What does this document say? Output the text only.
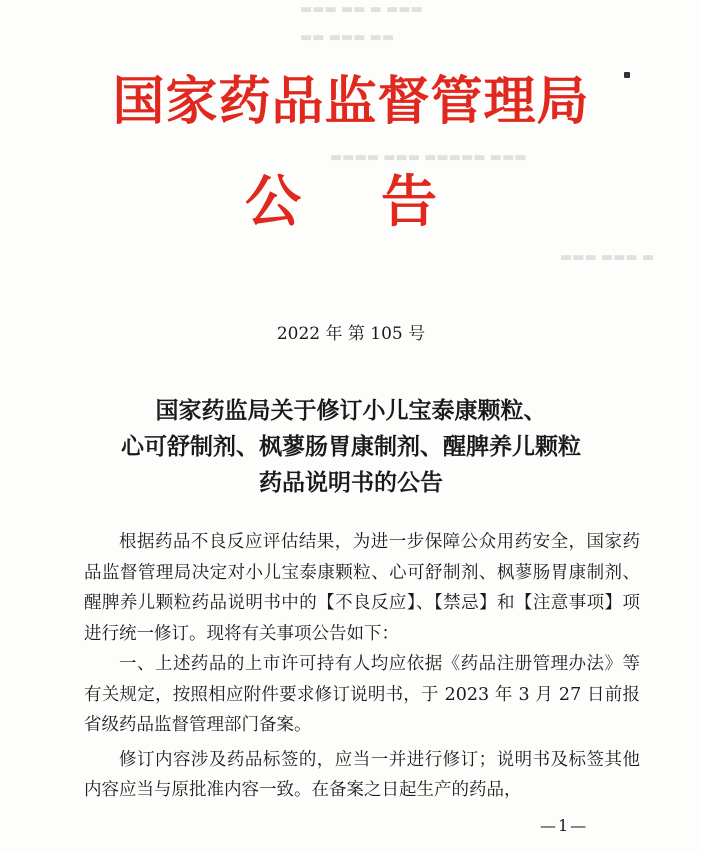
▬▬▬ ▬▬ ▬ ▬▬▬
▬▬ ▬▬▬ ▬▬
▬▬▬▬ ▬▬▬ ▬▬▬▬▬ ▬▬▬
▬▬▬ ▬▬▬ ▬
国家药品监督管理局
公告
2022 年 第 105 号
国家药监局关于修订小儿宝泰康颗粒、
心可舒制剂、枫蓼肠胃康制剂、醒脾养儿颗粒
药品说明书的公告

根据药品不良反应评估结果，为进一步保障公众用药安全，国家药品监督管理局决定对小儿宝泰康颗粒、心可舒制剂、枫蓼肠胃康制剂、醒脾养儿颗粒药品说明书中的【不良反应】、【禁忌】和【注意事项】项进行统一修订。现将有关事项公告如下：

一、上述药品的上市许可持有人均应依据《药品注册管理办法》等有关规定，按照相应附件要求修订说明书，于 2023 年 3 月 27 日前报省级药品监督管理部门备案。

修订内容涉及药品标签的，应当一并进行修订；说明书及标签其他内容应当与原批准内容一致。在备案之日起生产的药品，

—1—
